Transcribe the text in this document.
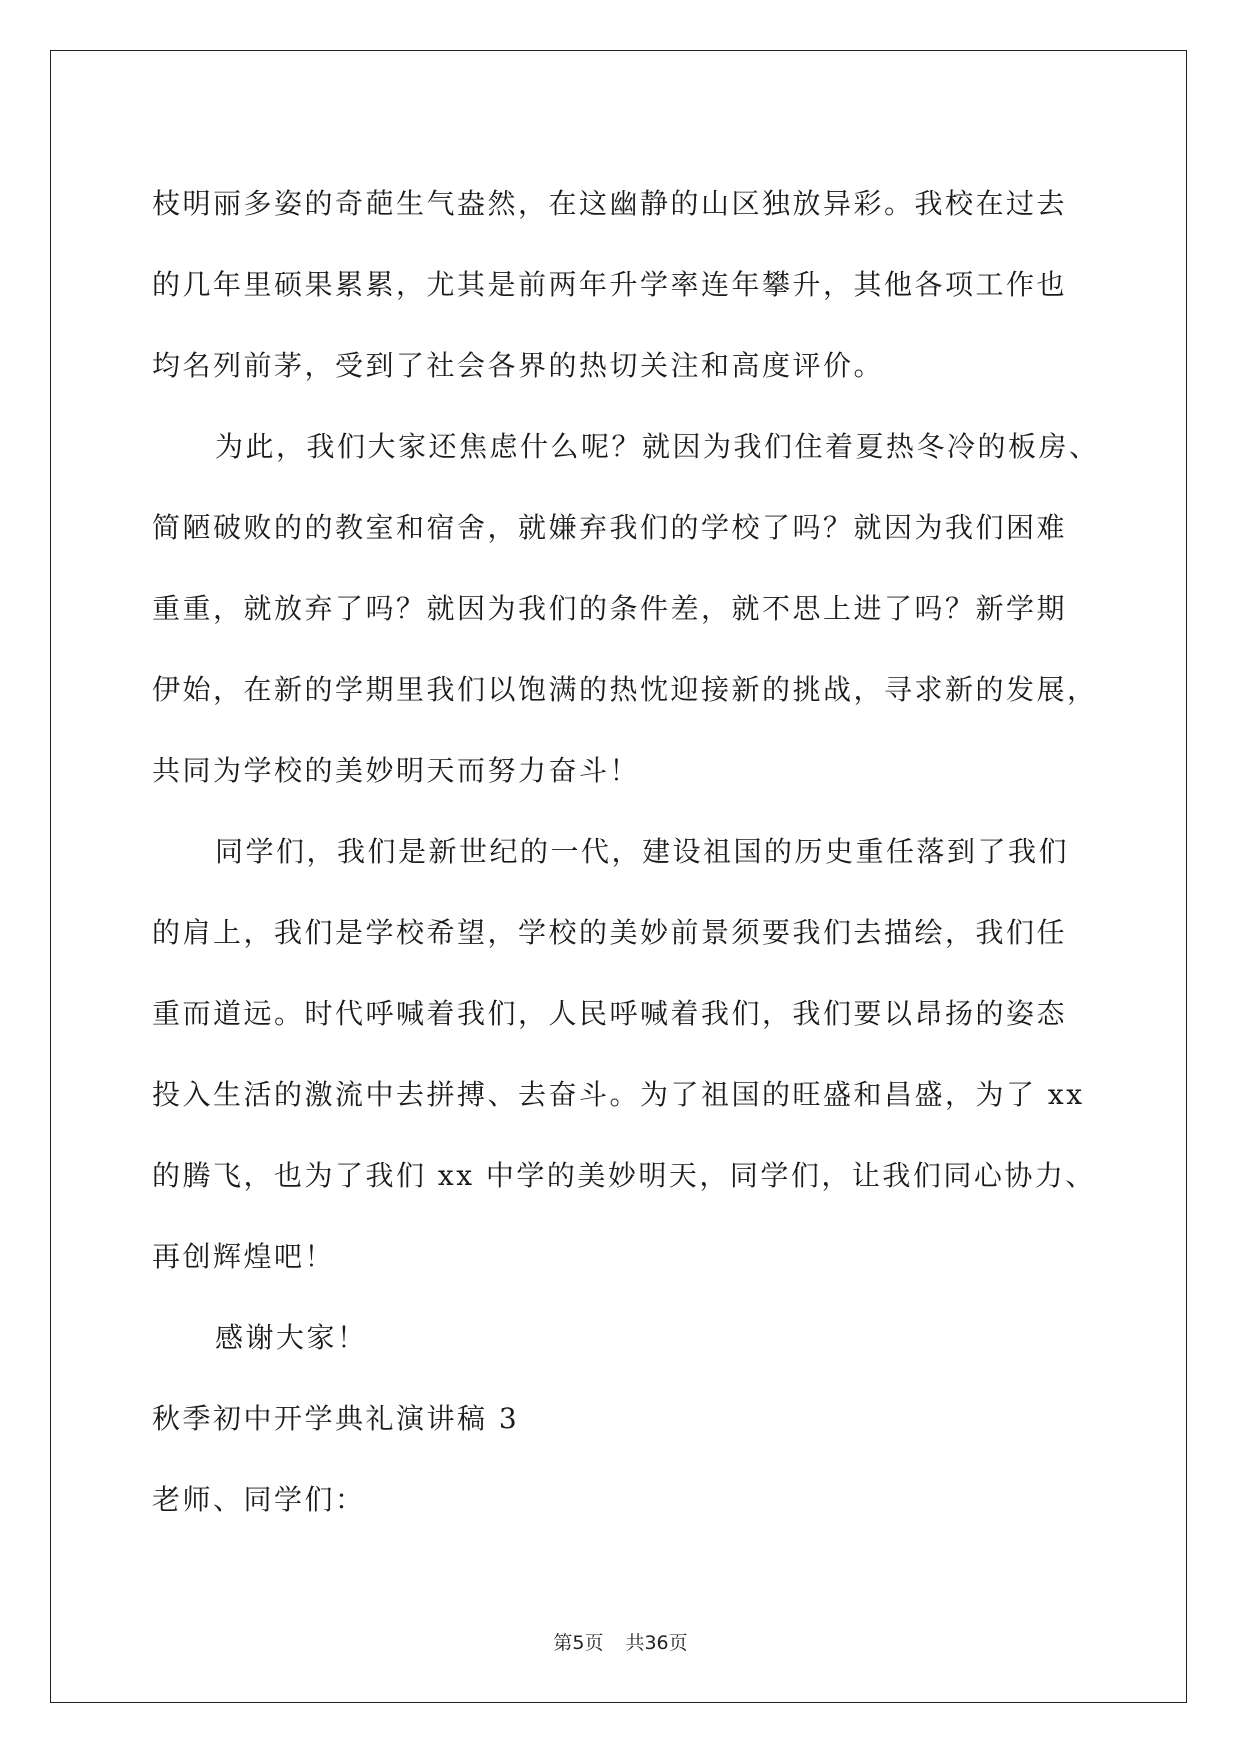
枝明丽多姿的奇葩生气盎然，在这幽静的山区独放异彩。我校在过去
的几年里硕果累累，尤其是前两年升学率连年攀升，其他各项工作也
均名列前茅，受到了社会各界的热切关注和高度评价。
为此，我们大家还焦虑什么呢？就因为我们住着夏热冬冷的板房、
简陋破败的的教室和宿舍，就嫌弃我们的学校了吗？就因为我们困难
重重，就放弃了吗？就因为我们的条件差，就不思上进了吗？新学期
伊始，在新的学期里我们以饱满的热忱迎接新的挑战，寻求新的发展，
共同为学校的美妙明天而努力奋斗！
同学们，我们是新世纪的一代，建设祖国的历史重任落到了我们
的肩上，我们是学校希望，学校的美妙前景须要我们去描绘，我们任
重而道远。时代呼喊着我们，人民呼喊着我们，我们要以昂扬的姿态
投入生活的激流中去拼搏、去奋斗。为了祖国的旺盛和昌盛，为了 xx
的腾飞，也为了我们 xx 中学的美妙明天，同学们，让我们同心协力、
再创辉煌吧！
感谢大家！
秋季初中开学典礼演讲稿 3
老师、同学们：
第5页 共36页
